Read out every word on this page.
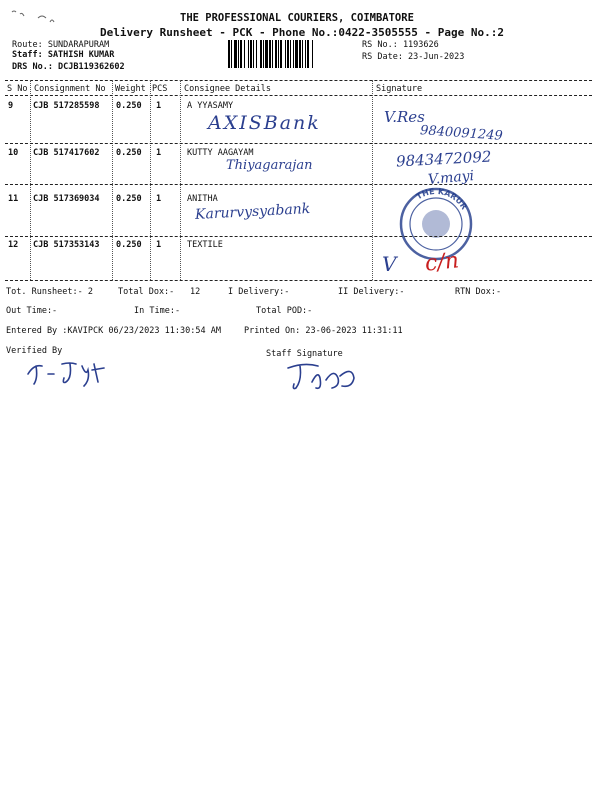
THE PROFESSIONAL COURIERS, COIMBATORE
Delivery Runsheet - PCK - Phone No.:0422-3505555 - Page No.:2
Route: SUNDARAPURAM
Staff: SATHISH KUMAR
DRS No.: DCJB119362602
RS No.: 1193626
RS Date: 23-Jun-2023
S No Consignment No Weight PCS Consignee Details	Signature
9 CJB 517285598 0.250 1	A YYASAMY
AXISBank	V.Res
9840091249
10 CJB 517417602 0.250 1	KUTTY AAGAYAM
Thiyagarajan	9843472092
11 CJB 517369034 0.250 1	ANITHA
Karurvysyabank
V.mayi
THE KARUR
12 CJB 517353143 0.250 1	TEXTILE
V c/n
Tot. Runsheet:- 2	Total Dox:- 12	I Delivery:-	II Delivery:-	RTN Dox:-
Out Time:-	In Time:-	Total POD:-
Entered By :KAVIPCK 06/23/2023 11:30:54 AM	Printed On: 23-06-2023 11:31:11
Verified By	Staff Signature
